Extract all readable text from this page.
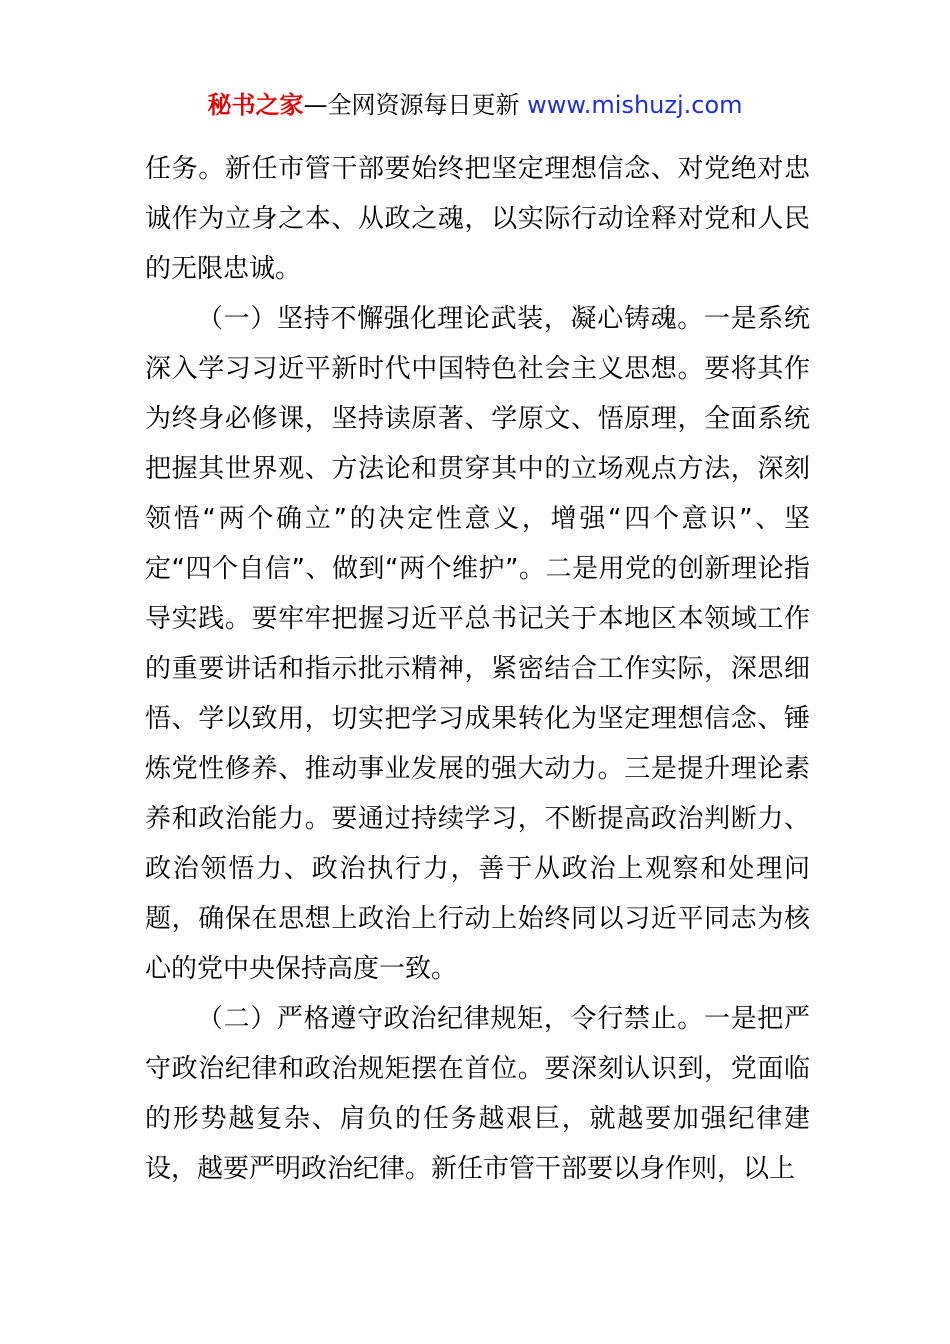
秘书之家—全网资源每日更新 www.mishuzj.com

任务。新任市管干部要始终把坚定理想信念、对党绝对忠诚作为立身之本、从政之魂，以实际行动诠释对党和人民的无限忠诚。

（一）坚持不懈强化理论武装，凝心铸魂。一是系统深入学习习近平新时代中国特色社会主义思想。要将其作为终身必修课，坚持读原著、学原文、悟原理，全面系统把握其世界观、方法论和贯穿其中的立场观点方法，深刻领悟“两个确立”的决定性意义，增强“四个意识”、坚定“四个自信”、做到“两个维护”。二是用党的创新理论指导实践。要牢牢把握习近平总书记关于本地区本领域工作的重要讲话和指示批示精神，紧密结合工作实际，深思细悟、学以致用，切实把学习成果转化为坚定理想信念、锤炼党性修养、推动事业发展的强大动力。三是提升理论素养和政治能力。要通过持续学习，不断提高政治判断力、政治领悟力、政治执行力，善于从政治上观察和处理问题，确保在思想上政治上行动上始终同以习近平同志为核心的党中央保持高度一致。

（二）严格遵守政治纪律规矩，令行禁止。一是把严守政治纪律和政治规矩摆在首位。要深刻认识到，党面临的形势越复杂、肩负的任务越艰巨，就越要加强纪律建设，越要严明政治纪律。新任市管干部要以身作则，以上
